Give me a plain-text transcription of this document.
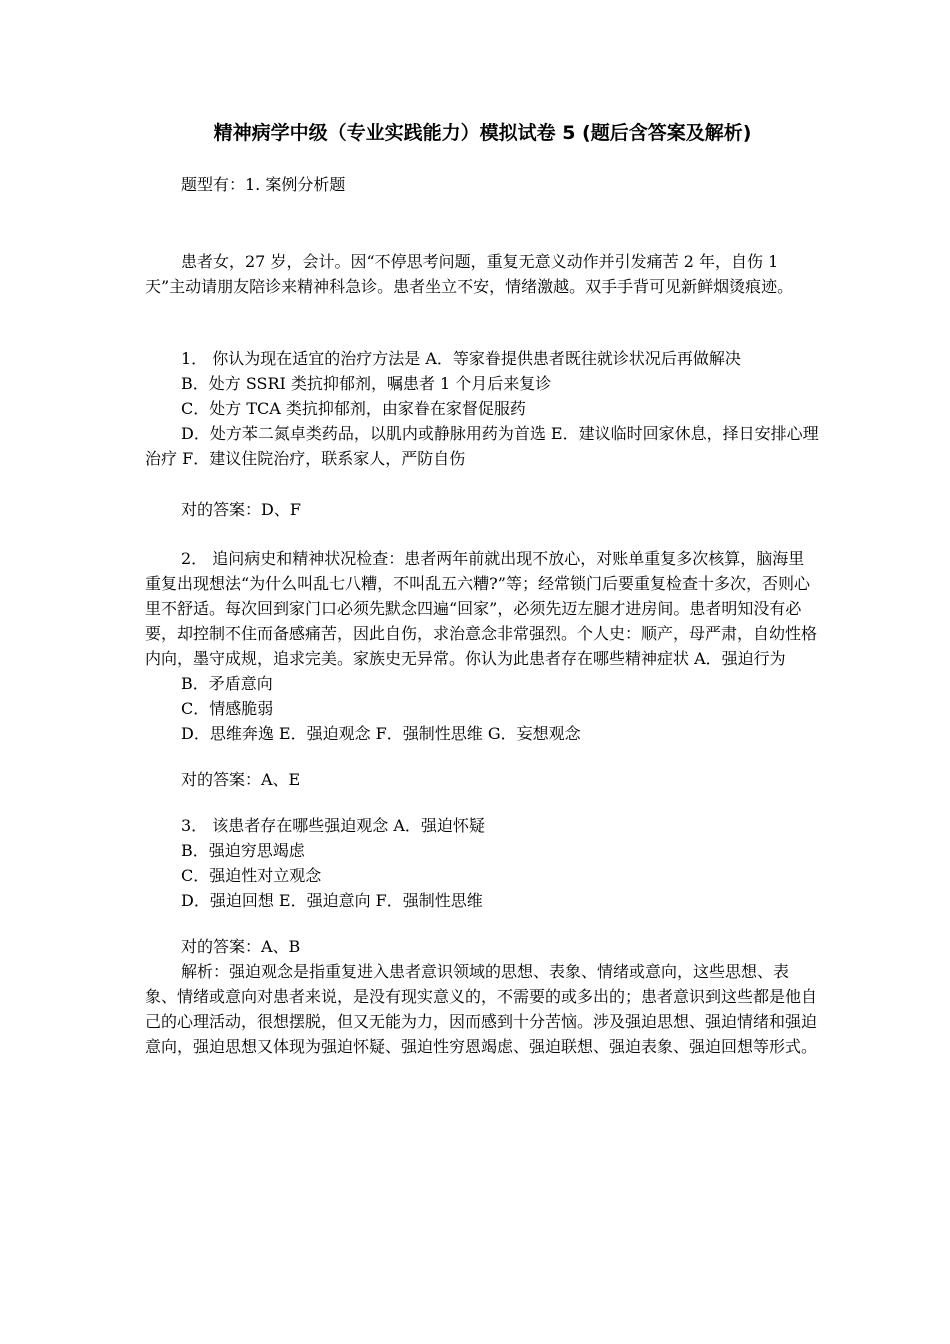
精神病学中级（专业实践能力）模拟试卷 5 (题后含答案及解析)

题型有：1. 案例分析题

患者女，27 岁，会计。因“不停思考问题，重复无意义动作并引发痛苦 2 年，自伤 1 天”主动请朋友陪诊来精神科急诊。患者坐立不安，情绪激越。双手手背可见新鲜烟烫痕迹。

1． 你认为现在适宜的治疗方法是 A．等家眷提供患者既往就诊状况后再做解决

B．处方 SSRI 类抗抑郁剂，嘱患者 1 个月后来复诊

C．处方 TCA 类抗抑郁剂，由家眷在家督促服药

D．处方苯二氮卓类药品，以肌内或静脉用药为首选 E．建议临时回家休息，择日安排心理治疗 F．建议住院治疗，联系家人，严防自伤

对的答案：D、F

2． 追问病史和精神状况检查：患者两年前就出现不放心，对账单重复多次核算，脑海里重复出现想法“为什么叫乱七八糟，不叫乱五六糟?”等；经常锁门后要重复检查十多次，否则心里不舒适。每次回到家门口必须先默念四遍“回家”，必须先迈左腿才进房间。患者明知没有必要，却控制不住而备感痛苦，因此自伤，求治意念非常强烈。个人史：顺产，母严肃，自幼性格内向，墨守成规，追求完美。家族史无异常。你认为此患者存在哪些精神症状 A．强迫行为

B．矛盾意向

C．情感脆弱

D．思维奔逸 E．强迫观念 F．强制性思维 G．妄想观念

对的答案：A、E

3． 该患者存在哪些强迫观念 A．强迫怀疑

B．强迫穷思竭虑

C．强迫性对立观念

D．强迫回想 E．强迫意向 F．强制性思维

对的答案：A、B

解析：强迫观念是指重复进入患者意识领域的思想、表象、情绪或意向，这些思想、表象、情绪或意向对患者来说，是没有现实意义的，不需要的或多出的；患者意识到这些都是他自己的心理活动，很想摆脱，但又无能为力，因而感到十分苦恼。涉及强迫思想、强迫情绪和强迫意向，强迫思想又体现为强迫怀疑、强迫性穷恩竭虑、强迫联想、强迫表象、强迫回想等形式。
